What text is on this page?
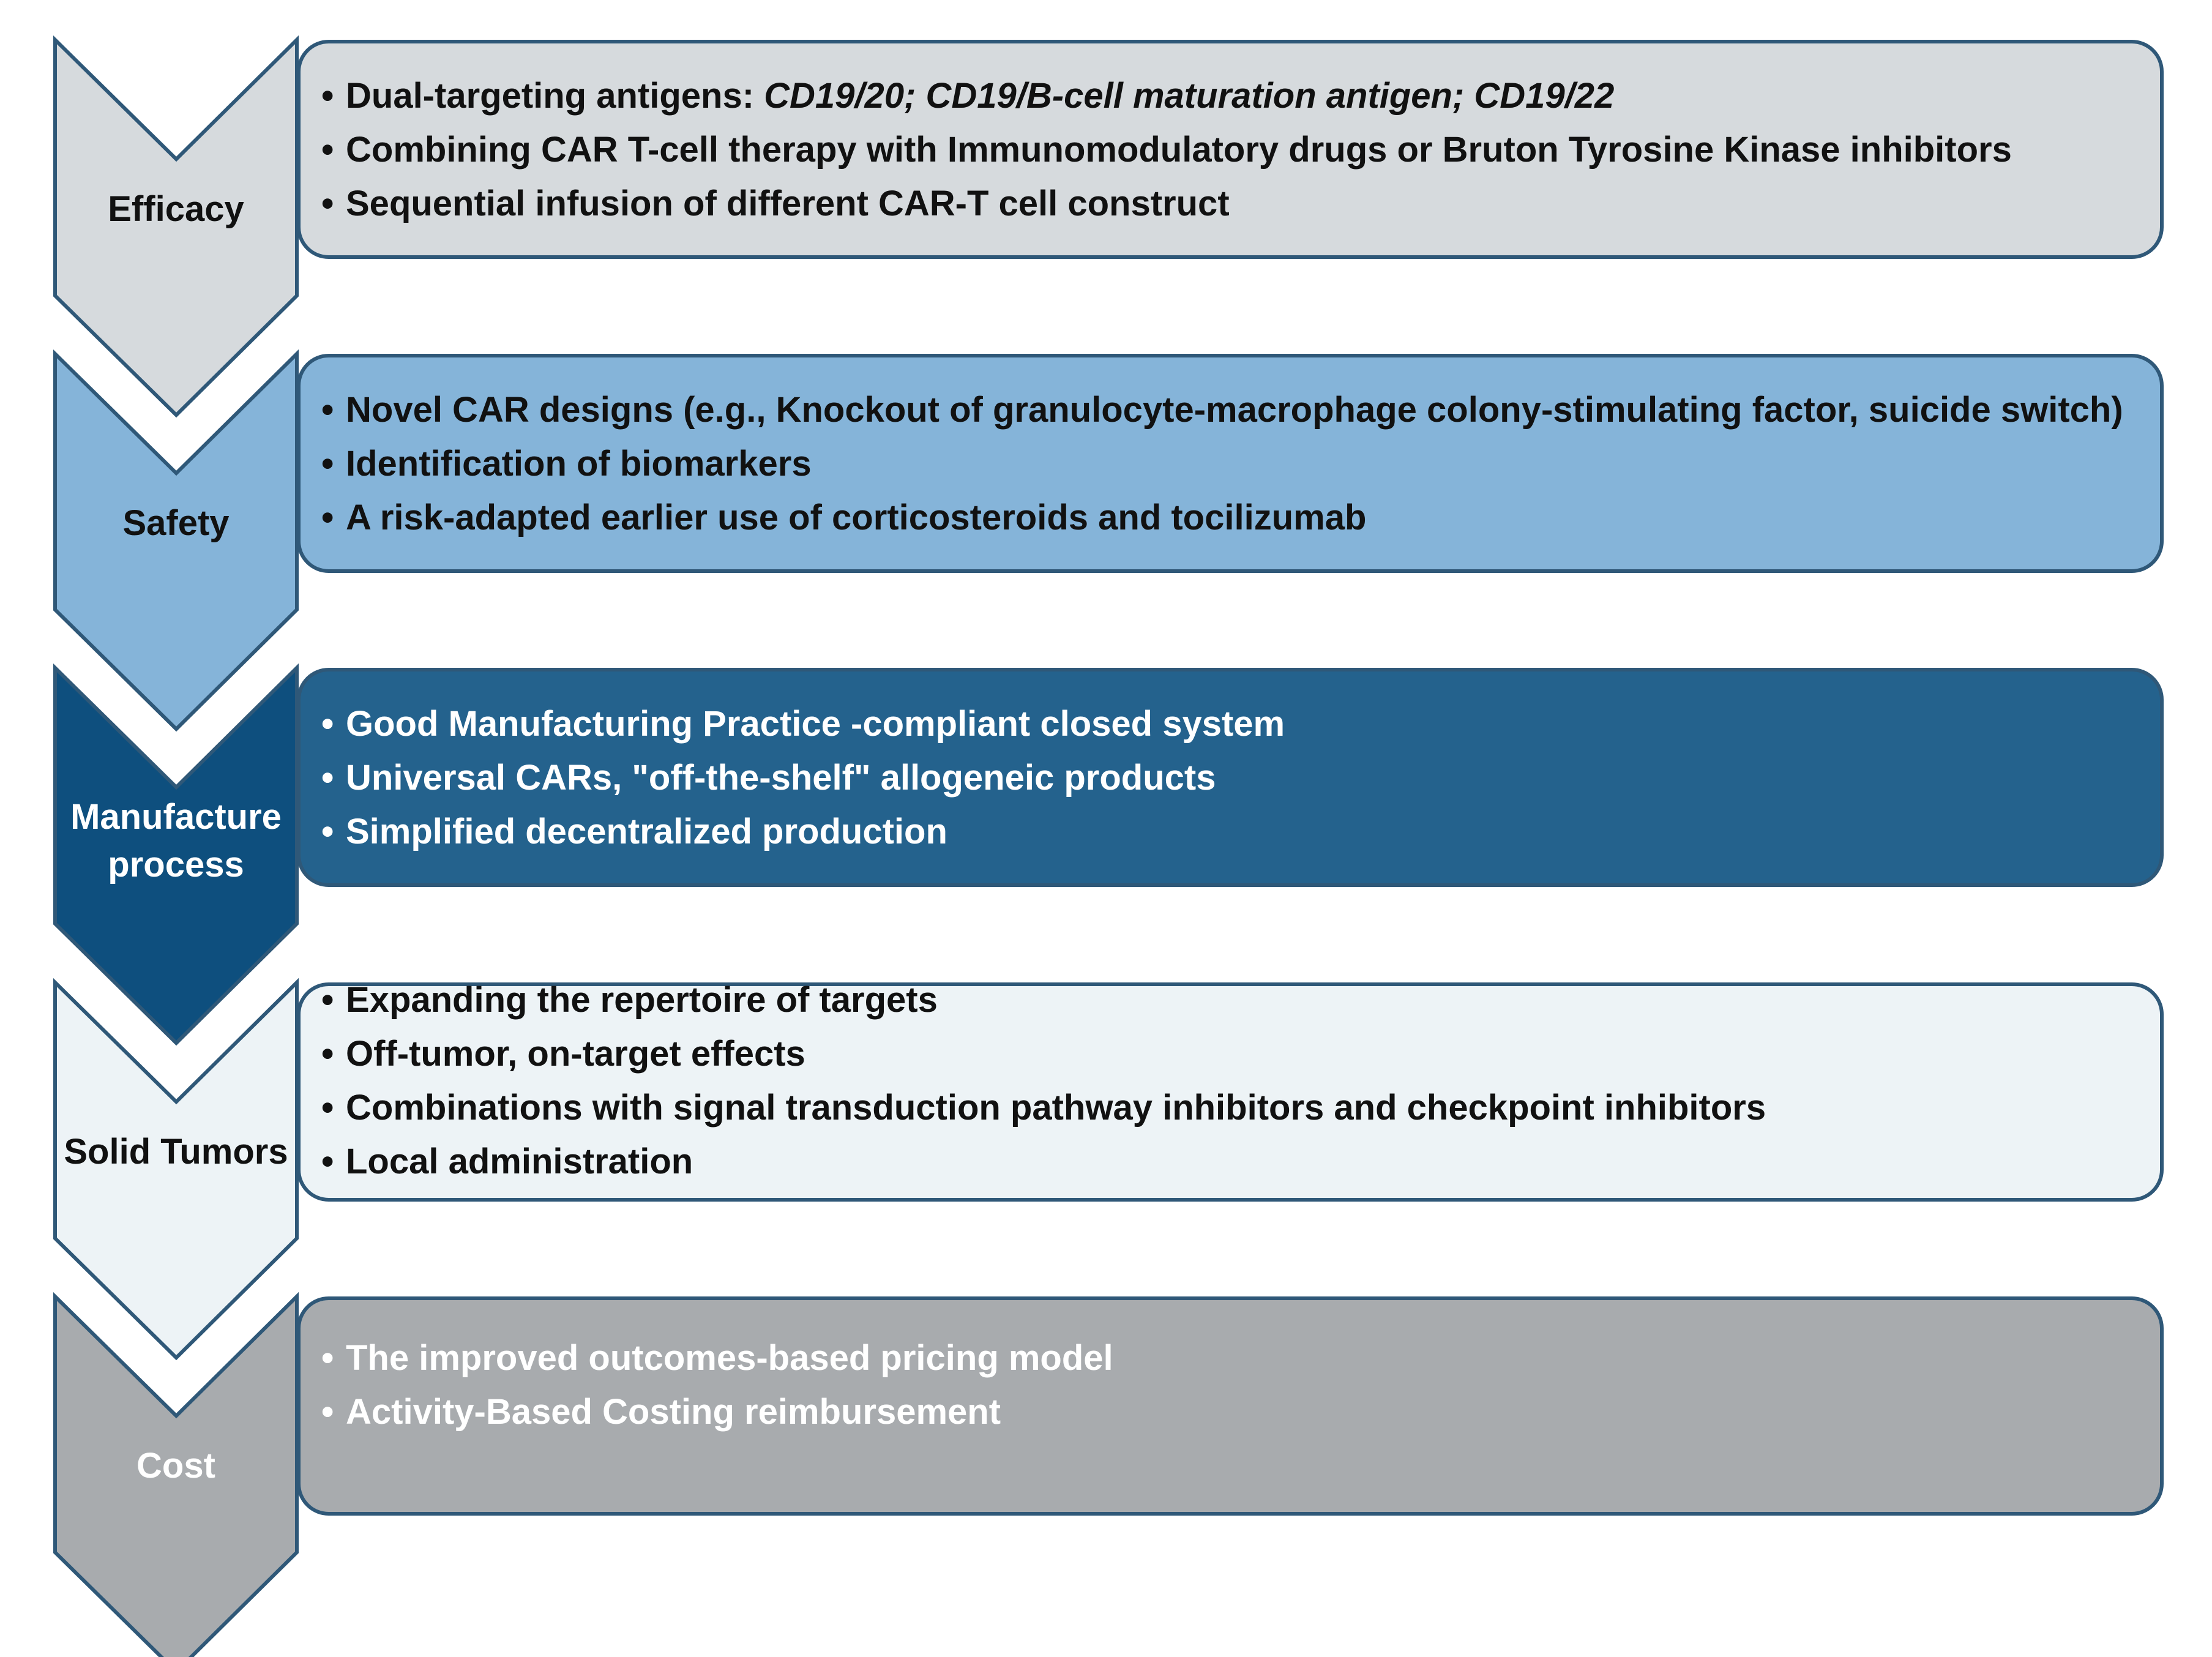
Efficacy
• Dual-targeting antigens: CD19/20; CD19/B-cell maturation antigen; CD19/22
• Combining CAR T-cell therapy with Immunomodulatory drugs or Bruton Tyrosine Kinase inhibitors
• Sequential infusion of different CAR-T cell construct
Safety
• Novel CAR designs (e.g., Knockout of granulocyte-macrophage colony-stimulating factor, suicide switch)
• Identification of biomarkers
• A risk-adapted earlier use of corticosteroids and tocilizumab
Manufacture process
• Good Manufacturing Practice -compliant closed system
• Universal CARs, "off-the-shelf" allogeneic products
• Simplified decentralized production
Solid Tumors
• Expanding the repertoire of targets
• Off-tumor, on-target effects
• Combinations with signal transduction pathway inhibitors and checkpoint inhibitors
• Local administration
Cost
• The improved outcomes-based pricing model
• Activity-Based Costing reimbursement
